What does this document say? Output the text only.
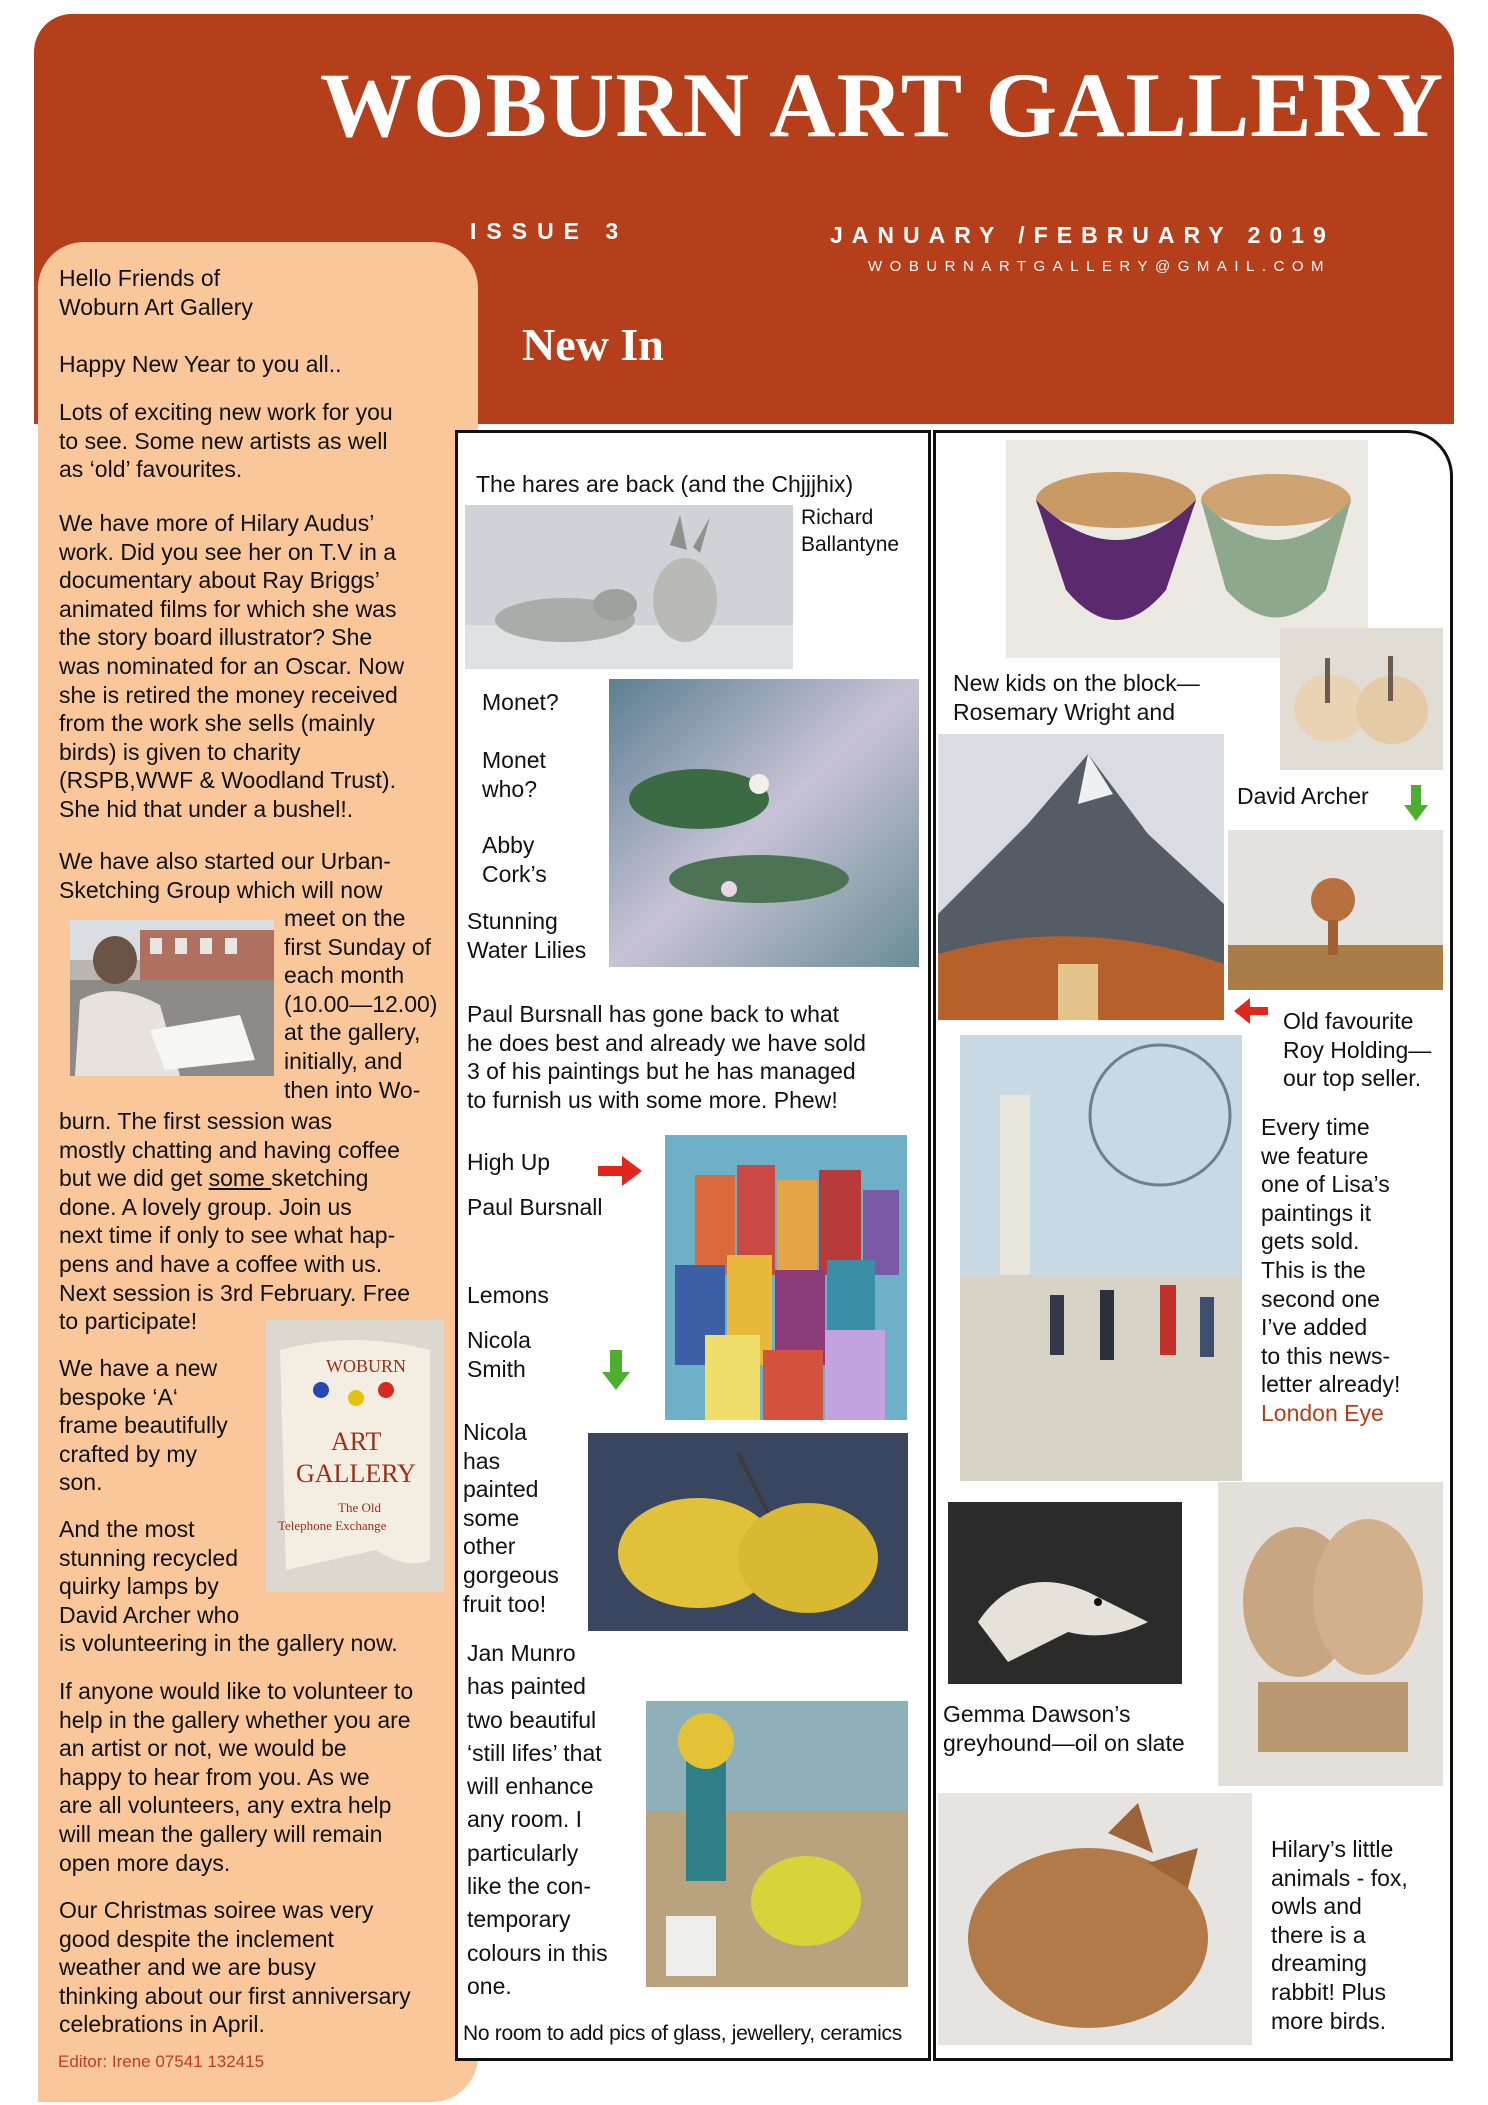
WOBURN ART GALLERY
ISSUE 3	JANUARY /FEBRUARY 2019
WOBURNARTGALLERY@GMAIL.COM
New In

Hello Friends of

Woburn Art Gallery

Happy New Year to you all..

Lots of exciting new work for you

to see. Some new artists as well

as ‘old’ favourites.

We have more of Hilary Audus’

work. Did you see her on T.V in a

documentary about Ray Briggs’

animated films for which she was

the story board illustrator? She

was nominated for an Oscar. Now

she is retired the money received

from the work she sells (mainly

birds) is given to charity

(RSPB,WWF & Woodland Trust).

She hid that under a bushel!.

We have also started our Urban-

Sketching Group which will now

meet on the

first Sunday of

each month

(10.00—12.00)

at the gallery,

initially, and

then into Wo-

burn. The first session was

mostly chatting and having coffee

but we did get some sketching

done. A lovely group. Join us

next time if only to see what hap-

pens and have a coffee with us.

Next session is 3rd February. Free

to participate!

We have a new

bespoke ‘A‘

frame beautifully

crafted by my

son.

WOBURN
ART
GALLERY
The Old
Telephone Exchange

And the most

stunning recycled

quirky lamps by

David Archer who

is volunteering in the gallery now.

If anyone would like to volunteer to

help in the gallery whether you are

an artist or not, we would be

happy to hear from you. As we

are all volunteers, any extra help

will mean the gallery will remain

open more days.

Our Christmas soiree was very

good despite the inclement

weather and we are busy

thinking about our first anniversary

celebrations in April.

Editor: Irene 07541 132415
The hares are back (and the Chjjjhix)
Richard
Ballantyne
Monet?
Monet
who?
Abby
Cork’s
Stunning
Water Lilies
Paul Bursnall has gone back to what
he does best and already we have sold
3 of his paintings but he has managed
to furnish us with some more. Phew!
High Up
Paul Bursnall
Lemons
Nicola
Smith
Nicola
has
painted
some
other
gorgeous
fruit too!
Jan Munro
has painted
two beautiful
‘still lifes’ that
will enhance
any room. I
particularly
like the con-
temporary
colours in this
one.
No room to add pics of glass, jewellery, ceramics
New kids on the block—
Rosemary Wright and
David Archer
Old favourite
Roy Holding—
our top seller.
Every time
we feature
one of Lisa’s
paintings it
gets sold.
This is the
second one
I’ve added
to this news-
letter already!
London Eye
Gemma Dawson’s
greyhound—oil on slate
Hilary’s little
animals - fox,
owls and
there is a
dreaming
rabbit! Plus
more birds.
